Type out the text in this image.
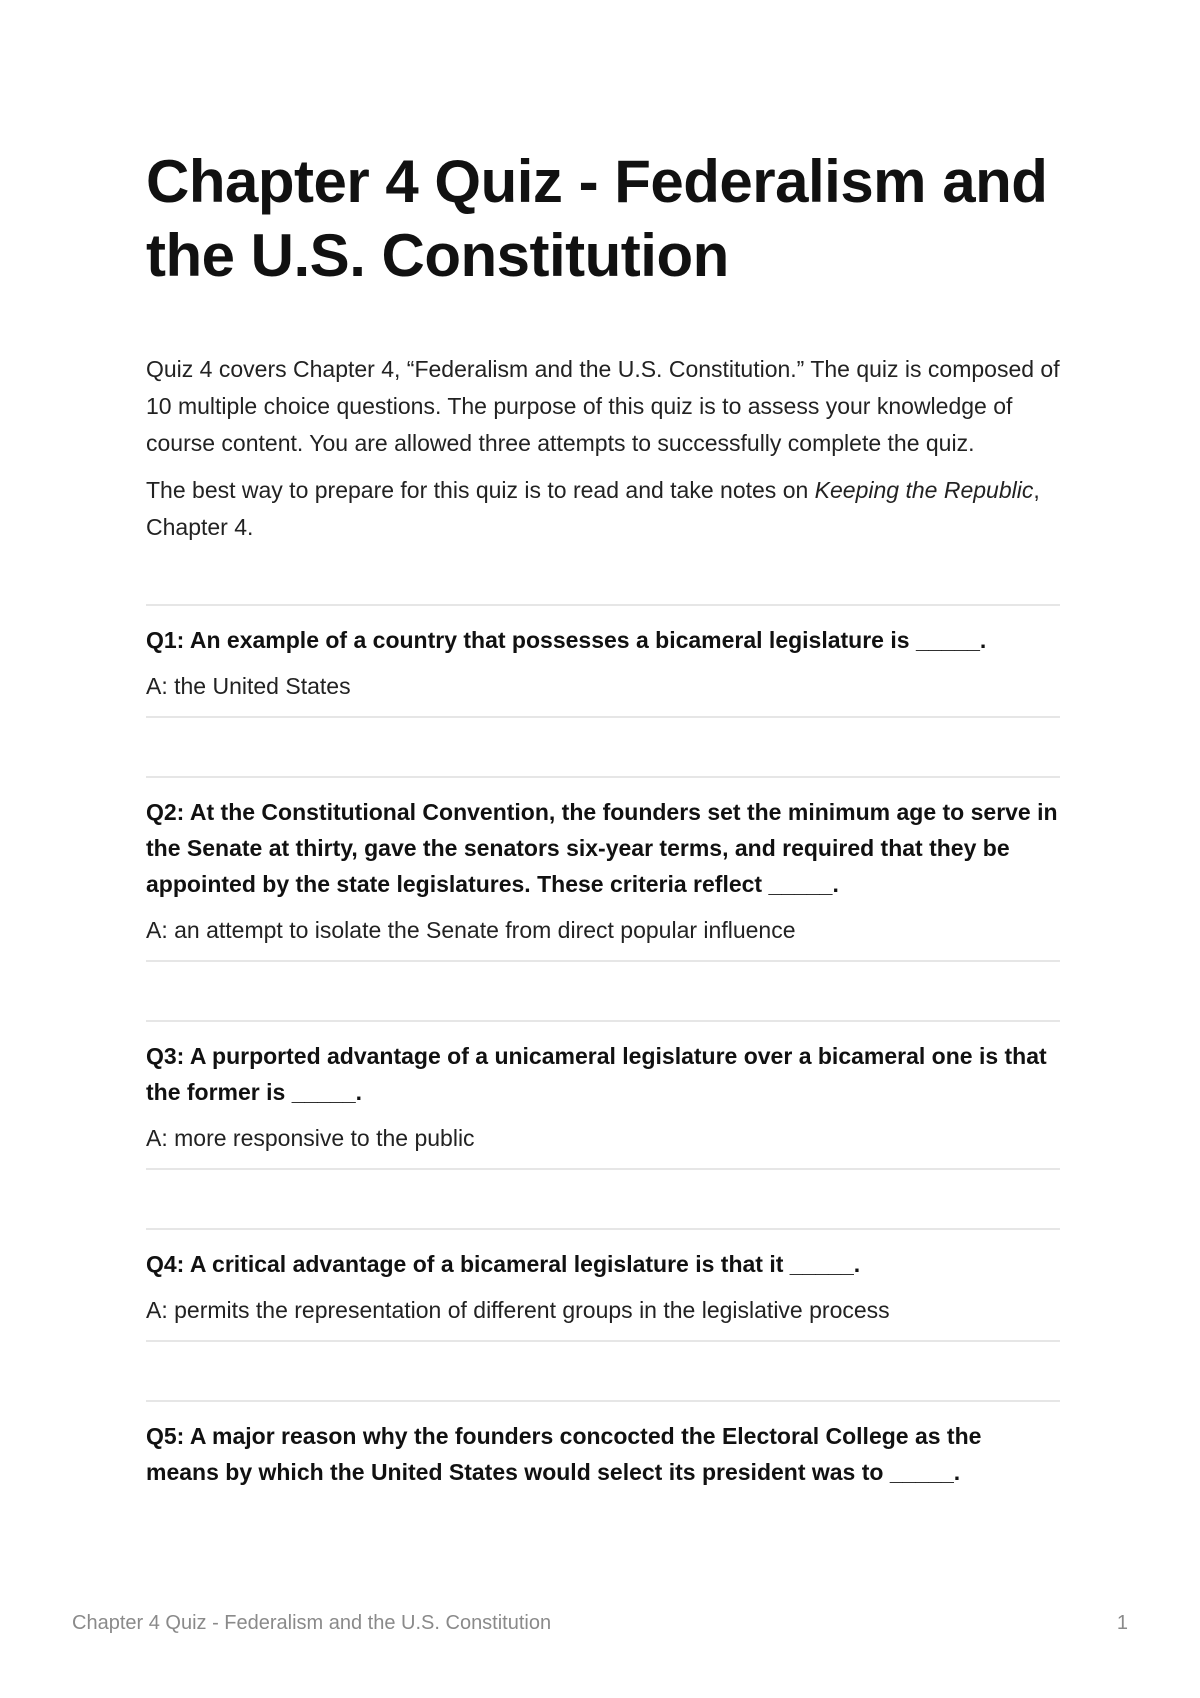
Chapter 4 Quiz - Federalism and the U.S. Constitution

Quiz 4 covers Chapter 4, “Federalism and the U.S. Constitution.” The quiz is composed of 10 multiple choice questions. The purpose of this quiz is to assess your knowledge of course content. You are allowed three attempts to successfully complete the quiz.

The best way to prepare for this quiz is to read and take notes on Keeping the Republic, Chapter 4.

Q1: An example of a country that possesses a bicameral legislature is _____.

A: the United States

Q2: At the Constitutional Convention, the founders set the minimum age to serve in the Senate at thirty, gave the senators six-year terms, and required that they be appointed by the state legislatures. These criteria reflect _____.

A: an attempt to isolate the Senate from direct popular influence

Q3: A purported advantage of a unicameral legislature over a bicameral one is that the former is _____.

A: more responsive to the public

Q4: A critical advantage of a bicameral legislature is that it _____.

A: permits the representation of different groups in the legislative process

Q5: A major reason why the founders concocted the Electoral College as the means by which the United States would select its president was to _____.

Chapter 4 Quiz - Federalism and the U.S. Constitution	1
